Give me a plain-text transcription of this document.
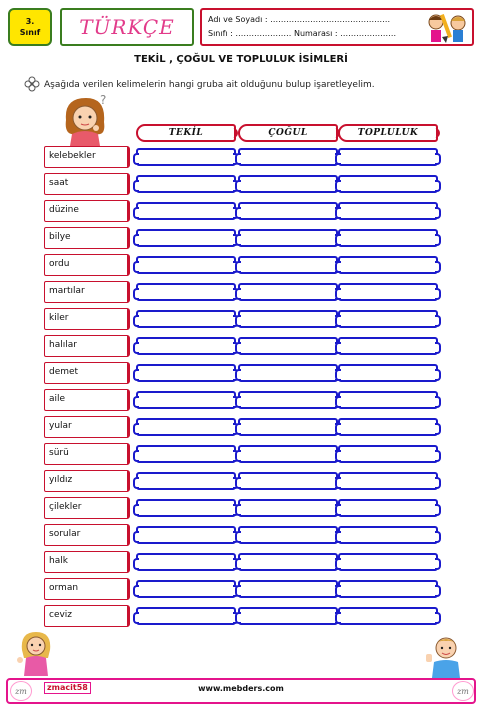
3.
Sınıf TÜRKÇE	Adı ve Soyadı : ………………………………………
Sınıfı : ………………… Numarası : …………………
TEKİL , ÇOĞUL VE TOPLULUK İSİMLERİ
Aşağıda verilen kelimelerin hangi gruba ait olduğunu bulup işaretleyelim.
?
TEKİL	ÇOĞUL	TOPLULUK
kelebekler
saat
düzine
bilye
ordu
martılar
kiler
halılar
demet
aile
yular
sürü
yıldız
çilekler
sorular
halk
orman
ceviz
zm	zmacit58	www.mebders.com	zm
